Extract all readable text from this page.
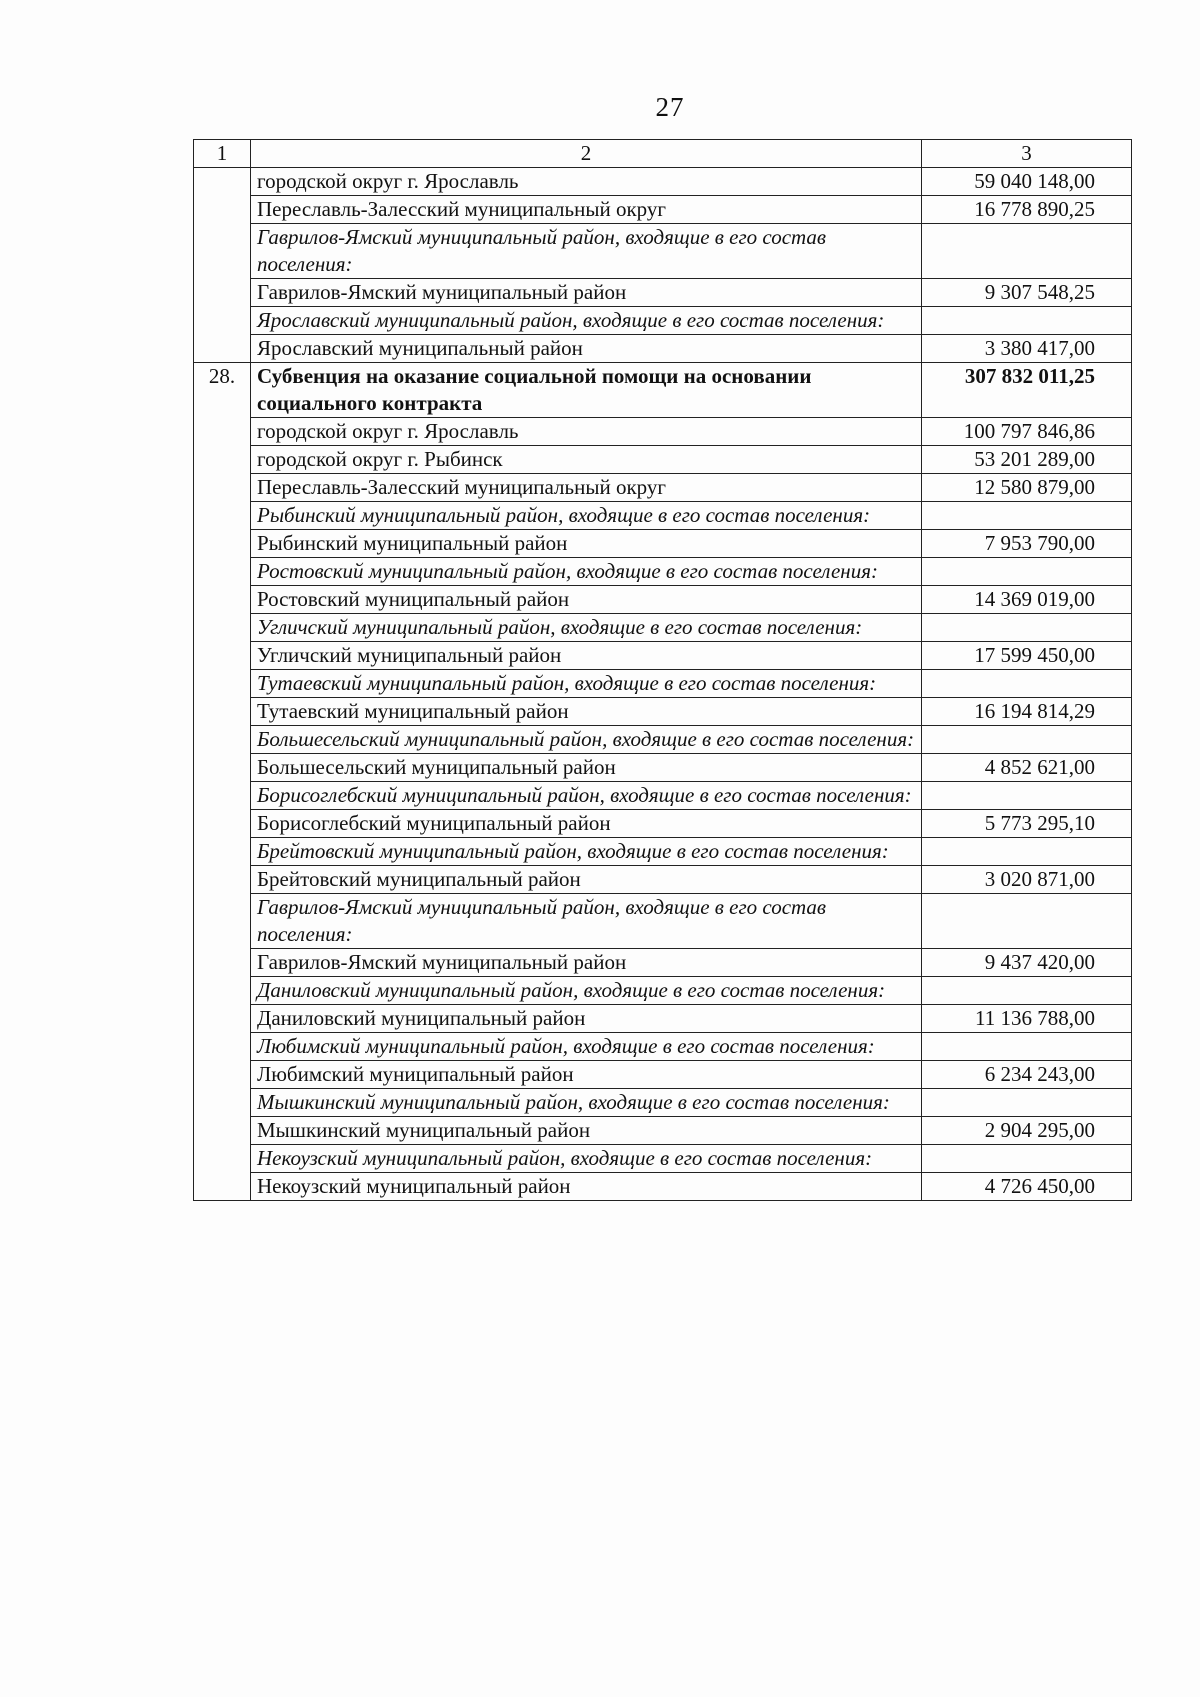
27
1	2	3
	городской округ г. Ярославль	59 040 148,00
	Переславль-Залесский муниципальный округ	16 778 890,25
	Гаврилов-Ямский муниципальный район, входящие в его состав поселения:	
	Гаврилов-Ямский муниципальный район	9 307 548,25
	Ярославский муниципальный район, входящие в его состав поселения:	
	Ярославский муниципальный район	3 380 417,00
28.	Субвенция на оказание социальной помощи на основании социального контракта	307 832 011,25
	городской округ г. Ярославль	100 797 846,86
	городской округ г. Рыбинск	53 201 289,00
	Переславль-Залесский муниципальный округ	12 580 879,00
	Рыбинский муниципальный район, входящие в его состав поселения:	
	Рыбинский муниципальный район	7 953 790,00
	Ростовский муниципальный район, входящие в его состав поселения:	
	Ростовский муниципальный район	14 369 019,00
	Угличский муниципальный район, входящие в его состав поселения:	
	Угличский муниципальный район	17 599 450,00
	Тутаевский муниципальный район, входящие в его состав поселения:	
	Тутаевский муниципальный район	16 194 814,29
	Большесельский муниципальный район, входящие в его состав поселения:	
	Большесельский муниципальный район	4 852 621,00
	Борисоглебский муниципальный район, входящие в его состав поселения:	
	Борисоглебский муниципальный район	5 773 295,10
	Брейтовский муниципальный район, входящие в его состав поселения:	
	Брейтовский муниципальный район	3 020 871,00
	Гаврилов-Ямский муниципальный район, входящие в его состав поселения:	
	Гаврилов-Ямский муниципальный район	9 437 420,00
	Даниловский муниципальный район, входящие в его состав поселения:	
	Даниловский муниципальный район	11 136 788,00
	Любимский муниципальный район, входящие в его состав поселения:	
	Любимский муниципальный район	6 234 243,00
	Мышкинский муниципальный район, входящие в его состав поселения:	
	Мышкинский муниципальный район	2 904 295,00
	Некоузский муниципальный район, входящие в его состав поселения:	
	Некоузский муниципальный район	4 726 450,00
